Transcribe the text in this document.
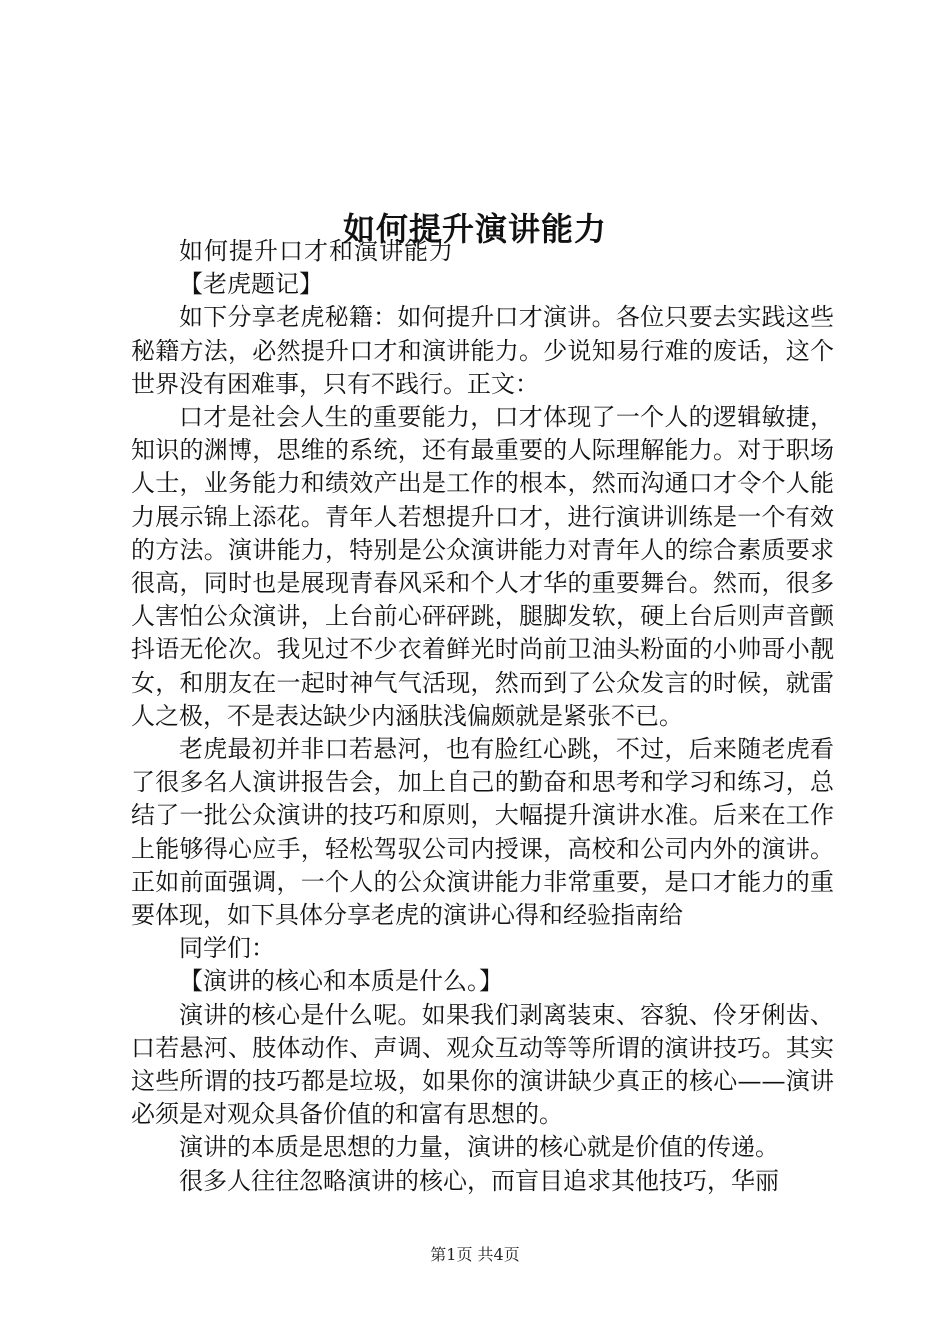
如何提升演讲能力

如何提升口才和演讲能力

【老虎题记】

如下分享老虎秘籍：如何提升口才演讲。各位只要去实践这些秘籍方法，必然提升口才和演讲能力。少说知易行难的废话，这个世界没有困难事，只有不践行。正文：

口才是社会人生的重要能力，口才体现了一个人的逻辑敏捷，知识的渊博，思维的系统，还有最重要的人际理解能力。对于职场人士，业务能力和绩效产出是工作的根本，然而沟通口才令个人能力展示锦上添花。青年人若想提升口才，进行演讲训练是一个有效的方法。演讲能力，特别是公众演讲能力对青年人的综合素质要求很高，同时也是展现青春风采和个人才华的重要舞台。然而，很多人害怕公众演讲，上台前心砰砰跳，腿脚发软，硬上台后则声音颤抖语无伦次。我见过不少衣着鲜光时尚前卫油头粉面的小帅哥小靓女，和朋友在一起时神气气活现，然而到了公众发言的时候，就雷人之极，不是表达缺少内涵肤浅偏颇就是紧张不已。

老虎最初并非口若悬河，也有脸红心跳，不过，后来随老虎看了很多名人演讲报告会，加上自己的勤奋和思考和学习和练习，总结了一批公众演讲的技巧和原则，大幅提升演讲水准。后来在工作上能够得心应手，轻松驾驭公司内授课，高校和公司内外的演讲。正如前面强调，一个人的公众演讲能力非常重要，是口才能力的重要体现，如下具体分享老虎的演讲心得和经验指南给

同学们：

【演讲的核心和本质是什么。】

演讲的核心是什么呢。如果我们剥离装束、容貌、伶牙俐齿、口若悬河、肢体动作、声调、观众互动等等所谓的演讲技巧。其实这些所谓的技巧都是垃圾，如果你的演讲缺少真正的核心——演讲必须是对观众具备价值的和富有思想的。

演讲的本质是思想的力量，演讲的核心就是价值的传递。

很多人往往忽略演讲的核心，而盲目追求其他技巧，华丽

第1页 共4页
